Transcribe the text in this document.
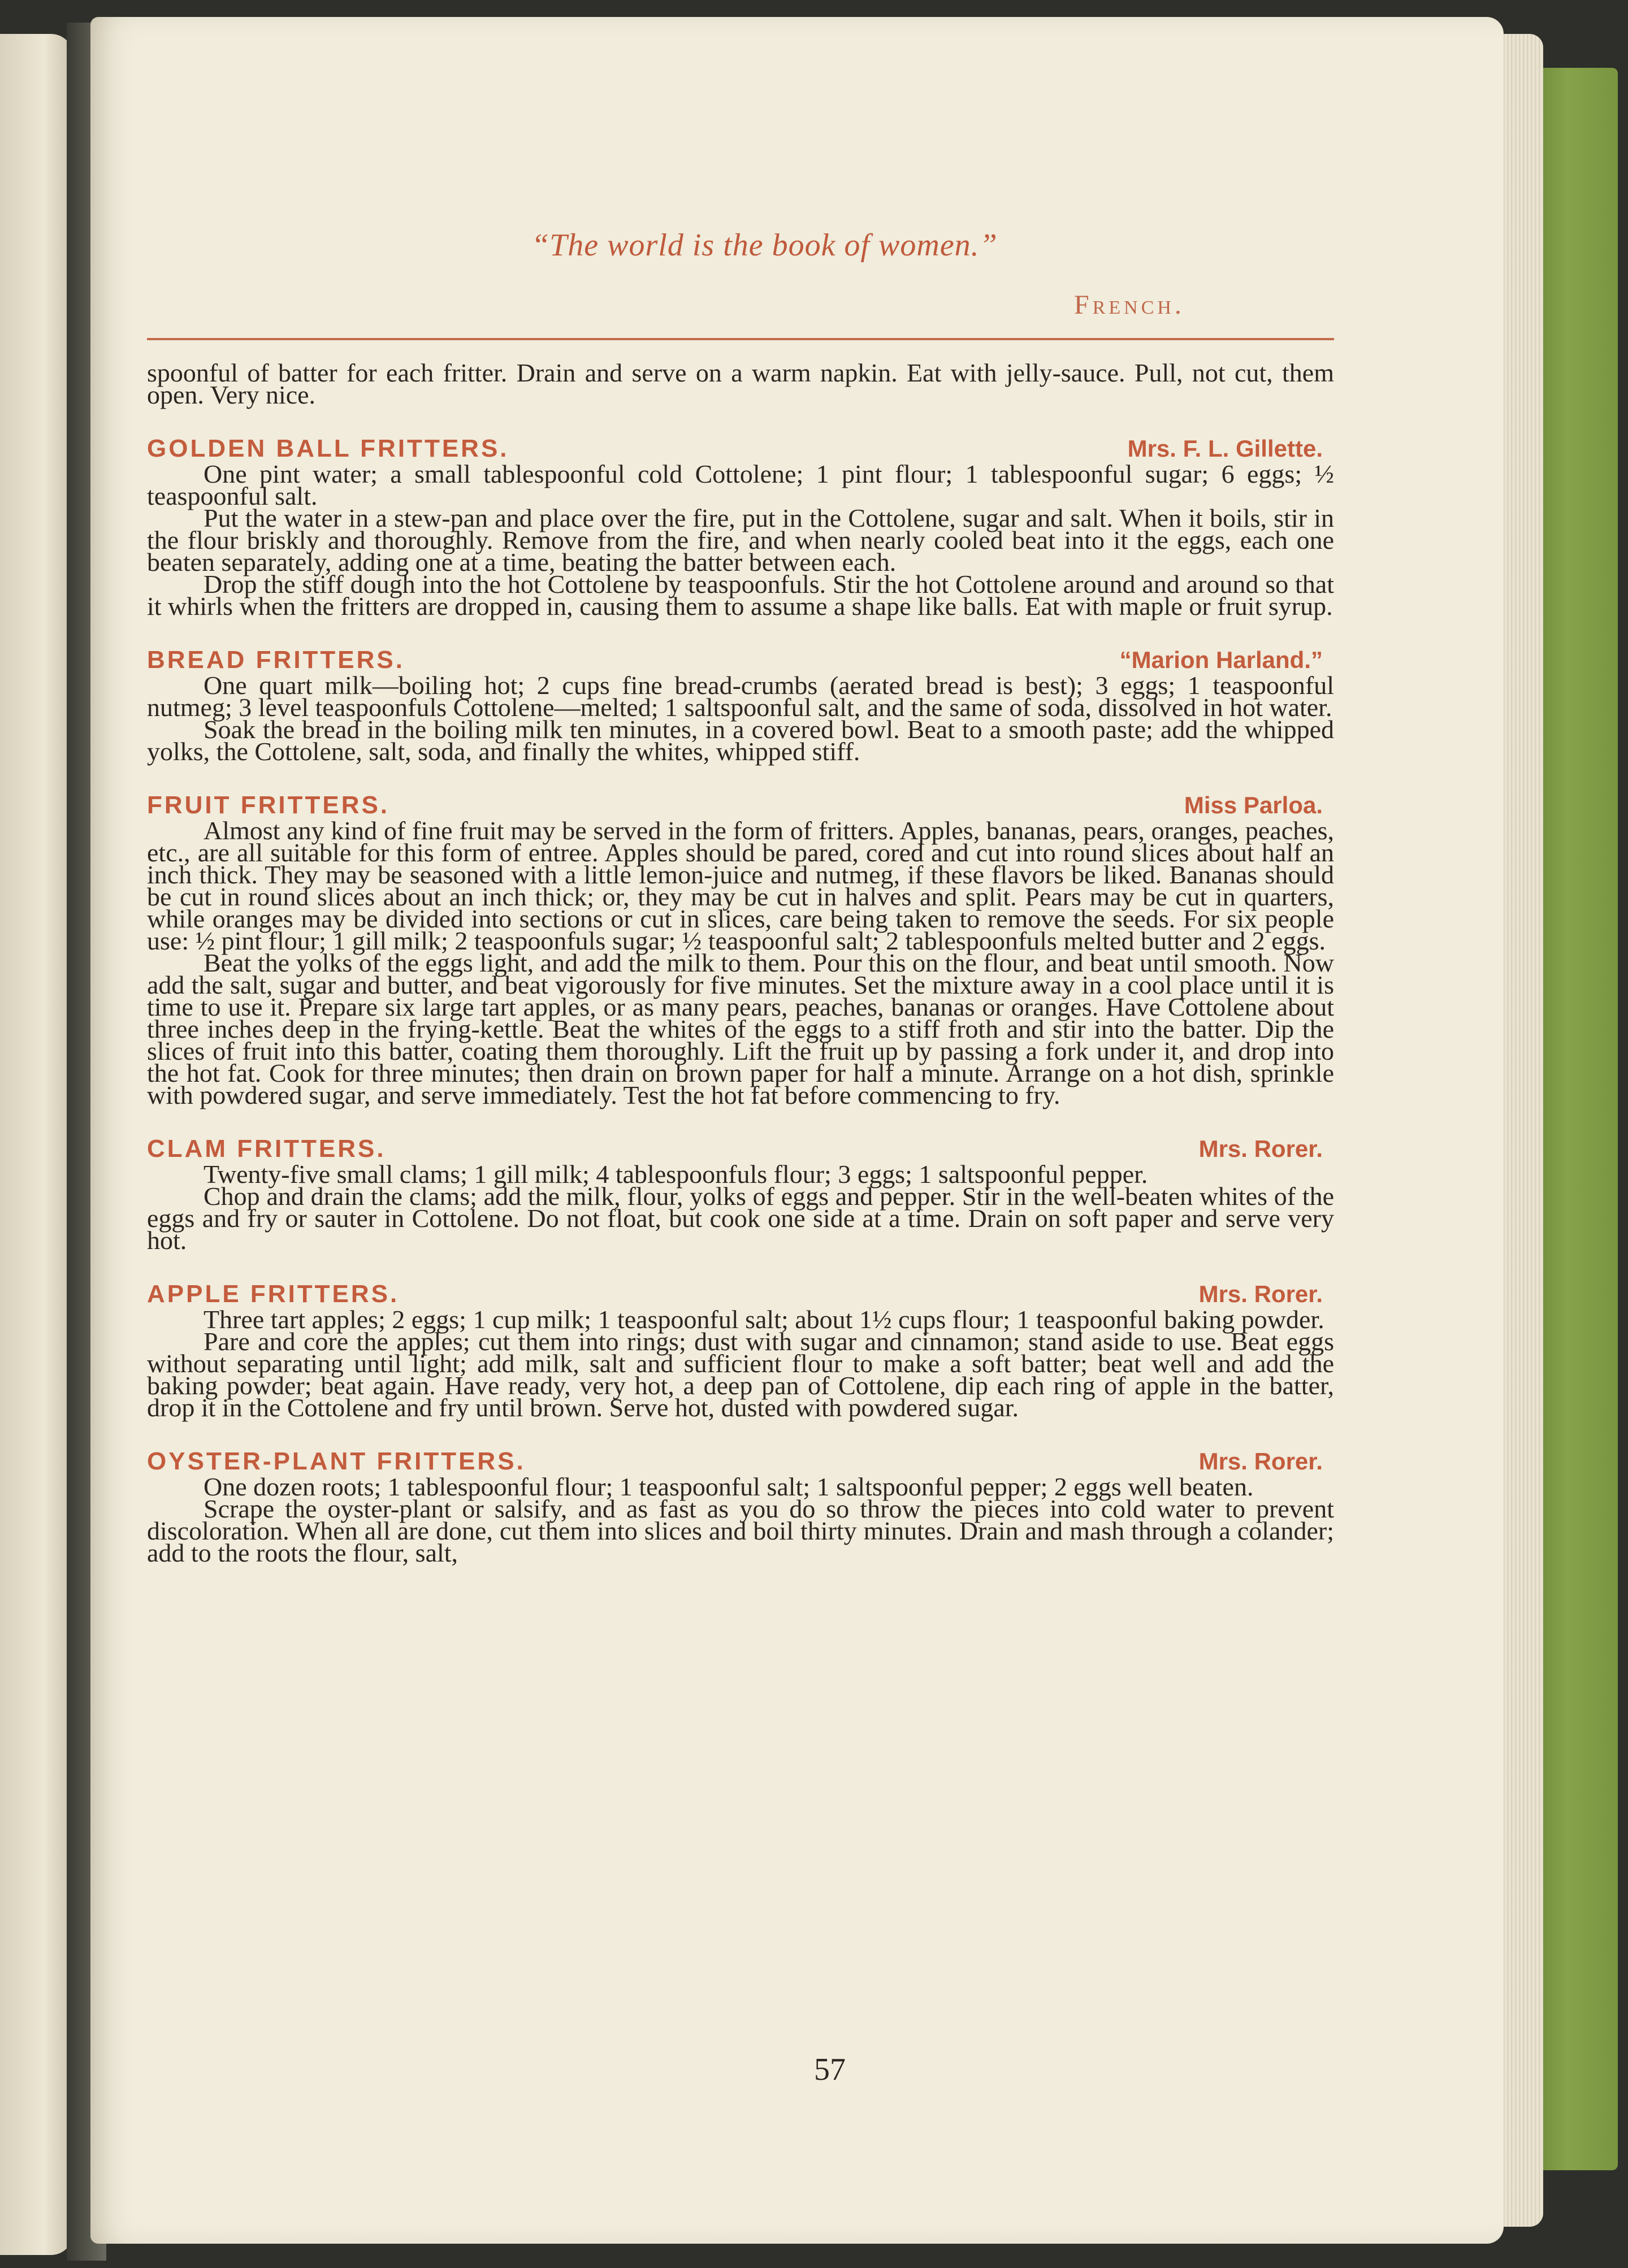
“The world is the book of women.”
French.

spoonful of batter for each fritter. Drain and serve on a warm napkin. Eat with jelly-sauce. Pull, not cut, them open. Very nice.

GOLDEN BALL FRITTERS.	Mrs. F. L. Gillette.

One pint water; a small tablespoonful cold Cottolene; 1 pint flour; 1 tablespoonful sugar; 6 eggs; ½ teaspoonful salt.

Put the water in a stew-pan and place over the fire, put in the Cottolene, sugar and salt. When it boils, stir in the flour briskly and thoroughly. Remove from the fire, and when nearly cooled beat into it the eggs, each one beaten separately, adding one at a time, beating the batter between each.

Drop the stiff dough into the hot Cottolene by teaspoonfuls. Stir the hot Cottolene around and around so that it whirls when the fritters are dropped in, causing them to assume a shape like balls. Eat with maple or fruit syrup.

BREAD FRITTERS.	“Marion Harland.”

One quart milk—boiling hot; 2 cups fine bread-crumbs (aerated bread is best); 3 eggs; 1 teaspoonful nutmeg; 3 level teaspoonfuls Cottolene—melted; 1 saltspoonful salt, and the same of soda, dissolved in hot water.

Soak the bread in the boiling milk ten minutes, in a covered bowl. Beat to a smooth paste; add the whipped yolks, the Cottolene, salt, soda, and finally the whites, whipped stiff.

FRUIT FRITTERS.	Miss Parloa.

Almost any kind of fine fruit may be served in the form of fritters. Apples, bananas, pears, oranges, peaches, etc., are all suitable for this form of entree. Apples should be pared, cored and cut into round slices about half an inch thick. They may be seasoned with a little lemon-juice and nutmeg, if these flavors be liked. Bananas should be cut in round slices about an inch thick; or, they may be cut in halves and split. Pears may be cut in quarters, while oranges may be divided into sections or cut in slices, care being taken to remove the seeds. For six people use: ½ pint flour; 1 gill milk; 2 teaspoonfuls sugar; ½ teaspoonful salt; 2 tablespoonfuls melted butter and 2 eggs.

Beat the yolks of the eggs light, and add the milk to them. Pour this on the flour, and beat until smooth. Now add the salt, sugar and butter, and beat vigorously for five minutes. Set the mixture away in a cool place until it is time to use it. Prepare six large tart apples, or as many pears, peaches, bananas or oranges. Have Cottolene about three inches deep in the frying-kettle. Beat the whites of the eggs to a stiff froth and stir into the batter. Dip the slices of fruit into this batter, coating them thoroughly. Lift the fruit up by passing a fork under it, and drop into the hot fat. Cook for three minutes; then drain on brown paper for half a minute. Arrange on a hot dish, sprinkle with powdered sugar, and serve immediately. Test the hot fat before commencing to fry.

CLAM FRITTERS.	Mrs. Rorer.

Twenty-five small clams; 1 gill milk; 4 tablespoonfuls flour; 3 eggs; 1 saltspoonful pepper.

Chop and drain the clams; add the milk, flour, yolks of eggs and pepper. Stir in the well-beaten whites of the eggs and fry or sauter in Cottolene. Do not float, but cook one side at a time. Drain on soft paper and serve very hot.

APPLE FRITTERS.	Mrs. Rorer.

Three tart apples; 2 eggs; 1 cup milk; 1 teaspoonful salt; about 1½ cups flour; 1 teaspoonful baking powder.

Pare and core the apples; cut them into rings; dust with sugar and cinnamon; stand aside to use. Beat eggs without separating until light; add milk, salt and sufficient flour to make a soft batter; beat well and add the baking powder; beat again. Have ready, very hot, a deep pan of Cottolene, dip each ring of apple in the batter, drop it in the Cottolene and fry until brown. Serve hot, dusted with powdered sugar.

OYSTER-PLANT FRITTERS.	Mrs. Rorer.

One dozen roots; 1 tablespoonful flour; 1 teaspoonful salt; 1 saltspoonful pepper; 2 eggs well beaten.

Scrape the oyster-plant or salsify, and as fast as you do so throw the pieces into cold water to prevent discoloration. When all are done, cut them into slices and boil thirty minutes. Drain and mash through a colander; add to the roots the flour, salt,

57
